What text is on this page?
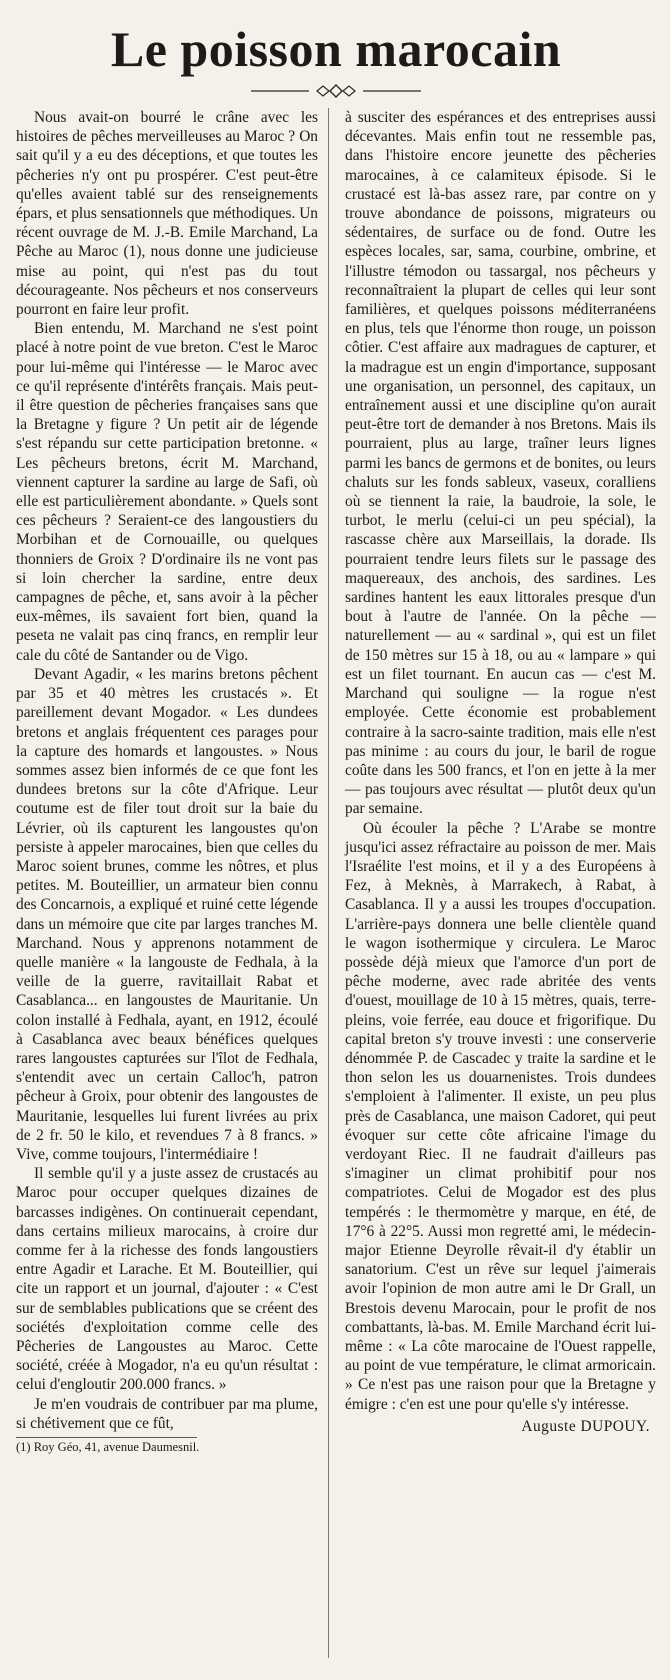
Le poisson marocain

Nous avait-on bourré le crâne avec les histoires de pêches merveilleuses au Maroc ? On sait qu'il y a eu des déceptions, et que toutes les pêcheries n'y ont pu prospérer. C'est peut-être qu'elles avaient tablé sur des renseignements épars, et plus sensationnels que méthodiques. Un récent ouvrage de M. J.-B. Emile Marchand, La Pêche au Maroc (1), nous donne une judicieuse mise au point, qui n'est pas du tout décourageante. Nos pêcheurs et nos conserveurs pourront en faire leur profit.

Bien entendu, M. Marchand ne s'est point placé à notre point de vue breton. C'est le Maroc pour lui-même qui l'intéresse — le Maroc avec ce qu'il représente d'intérêts français. Mais peut-il être question de pêcheries françaises sans que la Bretagne y figure ? Un petit air de légende s'est répandu sur cette participation bretonne. « Les pêcheurs bretons, écrit M. Marchand, viennent capturer la sardine au large de Safi, où elle est particulièrement abondante. » Quels sont ces pêcheurs ? Seraient-ce des langoustiers du Morbihan et de Cornouaille, ou quelques thonniers de Groix ? D'ordinaire ils ne vont pas si loin chercher la sardine, entre deux campagnes de pêche, et, sans avoir à la pêcher eux-mêmes, ils savaient fort bien, quand la peseta ne valait pas cinq francs, en remplir leur cale du côté de Santander ou de Vigo.

Devant Agadir, « les marins bretons pêchent par 35 et 40 mètres les crustacés ». Et pareillement devant Mogador. « Les dundees bretons et anglais fréquentent ces parages pour la capture des homards et langoustes. » Nous sommes assez bien informés de ce que font les dundees bretons sur la côte d'Afrique. Leur coutume est de filer tout droit sur la baie du Lévrier, où ils capturent les langoustes qu'on persiste à appeler marocaines, bien que celles du Maroc soient brunes, comme les nôtres, et plus petites. M. Bouteillier, un armateur bien connu des Concarnois, a expliqué et ruiné cette légende dans un mémoire que cite par larges tranches M. Marchand. Nous y apprenons notamment de quelle manière « la langouste de Fedhala, à la veille de la guerre, ravitaillait Rabat et Casablanca... en langoustes de Mauritanie. Un colon installé à Fedhala, ayant, en 1912, écoulé à Casablanca avec beaux bénéfices quelques rares langoustes capturées sur l'îlot de Fedhala, s'entendit avec un certain Calloc'h, patron pêcheur à Groix, pour obtenir des langoustes de Mauritanie, lesquelles lui furent livrées au prix de 2 fr. 50 le kilo, et revendues 7 à 8 francs. » Vive, comme toujours, l'intermédiaire !

Il semble qu'il y a juste assez de crustacés au Maroc pour occuper quelques dizaines de barcasses indigènes. On continuerait cependant, dans certains milieux marocains, à croire dur comme fer à la richesse des fonds langoustiers entre Agadir et Larache. Et M. Bouteillier, qui cite un rapport et un journal, d'ajouter : « C'est sur de semblables publications que se créent des sociétés d'exploitation comme celle des Pêcheries de Langoustes au Maroc. Cette société, créée à Mogador, n'a eu qu'un résultat : celui d'engloutir 200.000 francs. »

Je m'en voudrais de contribuer par ma plume, si chétivement que ce fût,

(1) Roy Géo, 41, avenue Daumesnil.

à susciter des espérances et des entreprises aussi décevantes. Mais enfin tout ne ressemble pas, dans l'histoire encore jeunette des pêcheries marocaines, à ce calamiteux épisode. Si le crustacé est là-bas assez rare, par contre on y trouve abondance de poissons, migrateurs ou sédentaires, de surface ou de fond. Outre les espèces locales, sar, sama, courbine, ombrine, et l'illustre témodon ou tassargal, nos pêcheurs y reconnaîtraient la plupart de celles qui leur sont familières, et quelques poissons méditerranéens en plus, tels que l'énorme thon rouge, un poisson côtier. C'est affaire aux madragues de capturer, et la madrague est un engin d'importance, supposant une organisation, un personnel, des capitaux, un entraînement aussi et une discipline qu'on aurait peut-être tort de demander à nos Bretons. Mais ils pourraient, plus au large, traîner leurs lignes parmi les bancs de germons et de bonites, ou leurs chaluts sur les fonds sableux, vaseux, coralliens où se tiennent la raie, la baudroie, la sole, le turbot, le merlu (celui-ci un peu spécial), la rascasse chère aux Marseillais, la dorade. Ils pourraient tendre leurs filets sur le passage des maquereaux, des anchois, des sardines. Les sardines hantent les eaux littorales presque d'un bout à l'autre de l'année. On la pêche — naturellement — au « sardinal », qui est un filet de 150 mètres sur 15 à 18, ou au « lampare » qui est un filet tournant. En aucun cas — c'est M. Marchand qui souligne — la rogue n'est employée. Cette économie est probablement contraire à la sacro-sainte tradition, mais elle n'est pas minime : au cours du jour, le baril de rogue coûte dans les 500 francs, et l'on en jette à la mer — pas toujours avec résultat — plutôt deux qu'un par semaine.

Où écouler la pêche ? L'Arabe se montre jusqu'ici assez réfractaire au poisson de mer. Mais l'Israélite l'est moins, et il y a des Européens à Fez, à Meknès, à Marrakech, à Rabat, à Casablanca. Il y a aussi les troupes d'occupation. L'arrière-pays donnera une belle clientèle quand le wagon isothermique y circulera. Le Maroc possède déjà mieux que l'amorce d'un port de pêche moderne, avec rade abritée des vents d'ouest, mouillage de 10 à 15 mètres, quais, terre-pleins, voie ferrée, eau douce et frigorifique. Du capital breton s'y trouve investi : une conserverie dénommée P. de Cascadec y traite la sardine et le thon selon les us douarnenistes. Trois dundees s'emploient à l'alimenter. Il existe, un peu plus près de Casablanca, une maison Cadoret, qui peut évoquer sur cette côte africaine l'image du verdoyant Riec. Il ne faudrait d'ailleurs pas s'imaginer un climat prohibitif pour nos compatriotes. Celui de Mogador est des plus tempérés : le thermomètre y marque, en été, de 17°6 à 22°5. Aussi mon regretté ami, le médecin-major Etienne Deyrolle rêvait-il d'y établir un sanatorium. C'est un rêve sur lequel j'aimerais avoir l'opinion de mon autre ami le Dr Grall, un Brestois devenu Marocain, pour le profit de nos combattants, là-bas. M. Emile Marchand écrit lui-même : « La côte marocaine de l'Ouest rappelle, au point de vue température, le climat armoricain. » Ce n'est pas une raison pour que la Bretagne y émigre : c'en est une pour qu'elle s'y intéresse.

Auguste DUPOUY.
